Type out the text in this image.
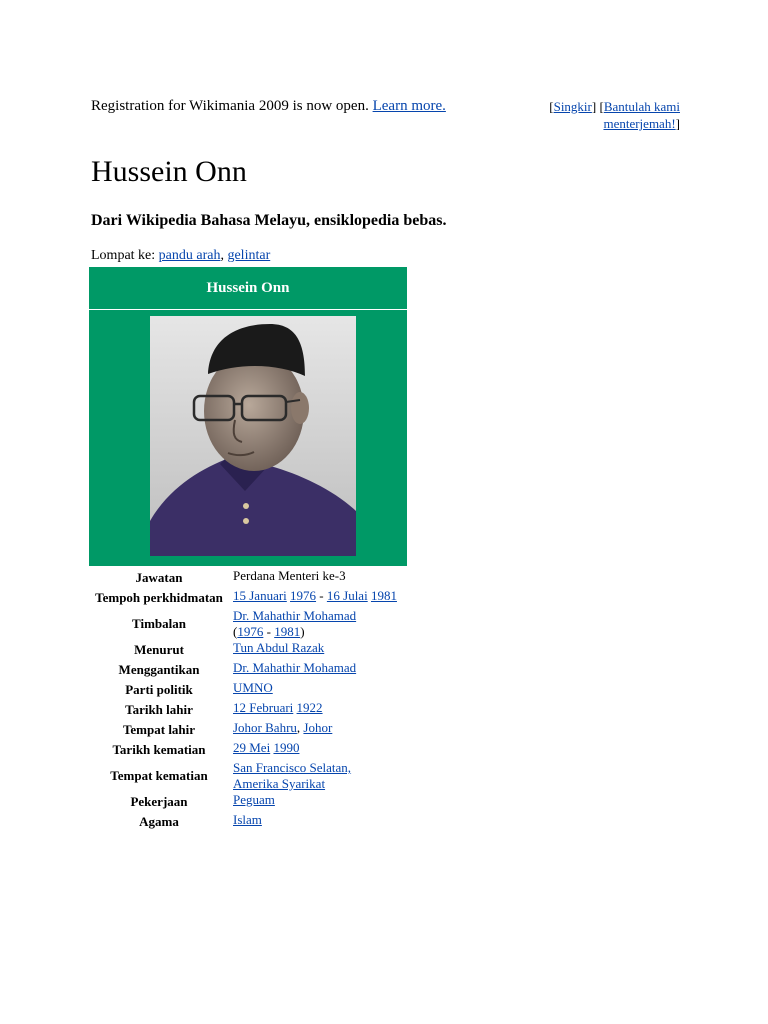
Registration for Wikimania 2009 is now open. Learn more.	[Singkir] [Bantulah kami menterjemah!]
Hussein Onn

Dari Wikipedia Bahasa Melayu, ensiklopedia bebas.

Lompat ke: pandu arah, gelintar
Hussein Onn
Jawatan	Perdana Menteri ke-3
Tempoh perkhidmatan	15 Januari 1976 - 16 Julai 1981
Timbalan	Dr. Mahathir Mohamad
(1976 - 1981)
Menurut	Tun Abdul Razak
Menggantikan	Dr. Mahathir Mohamad
Parti politik	UMNO
Tarikh lahir	12 Februari 1922
Tempat lahir	Johor Bahru, Johor
Tarikh kematian	29 Mei 1990
Tempat kematian	San Francisco Selatan,
Amerika Syarikat
Pekerjaan	Peguam
Agama	Islam
